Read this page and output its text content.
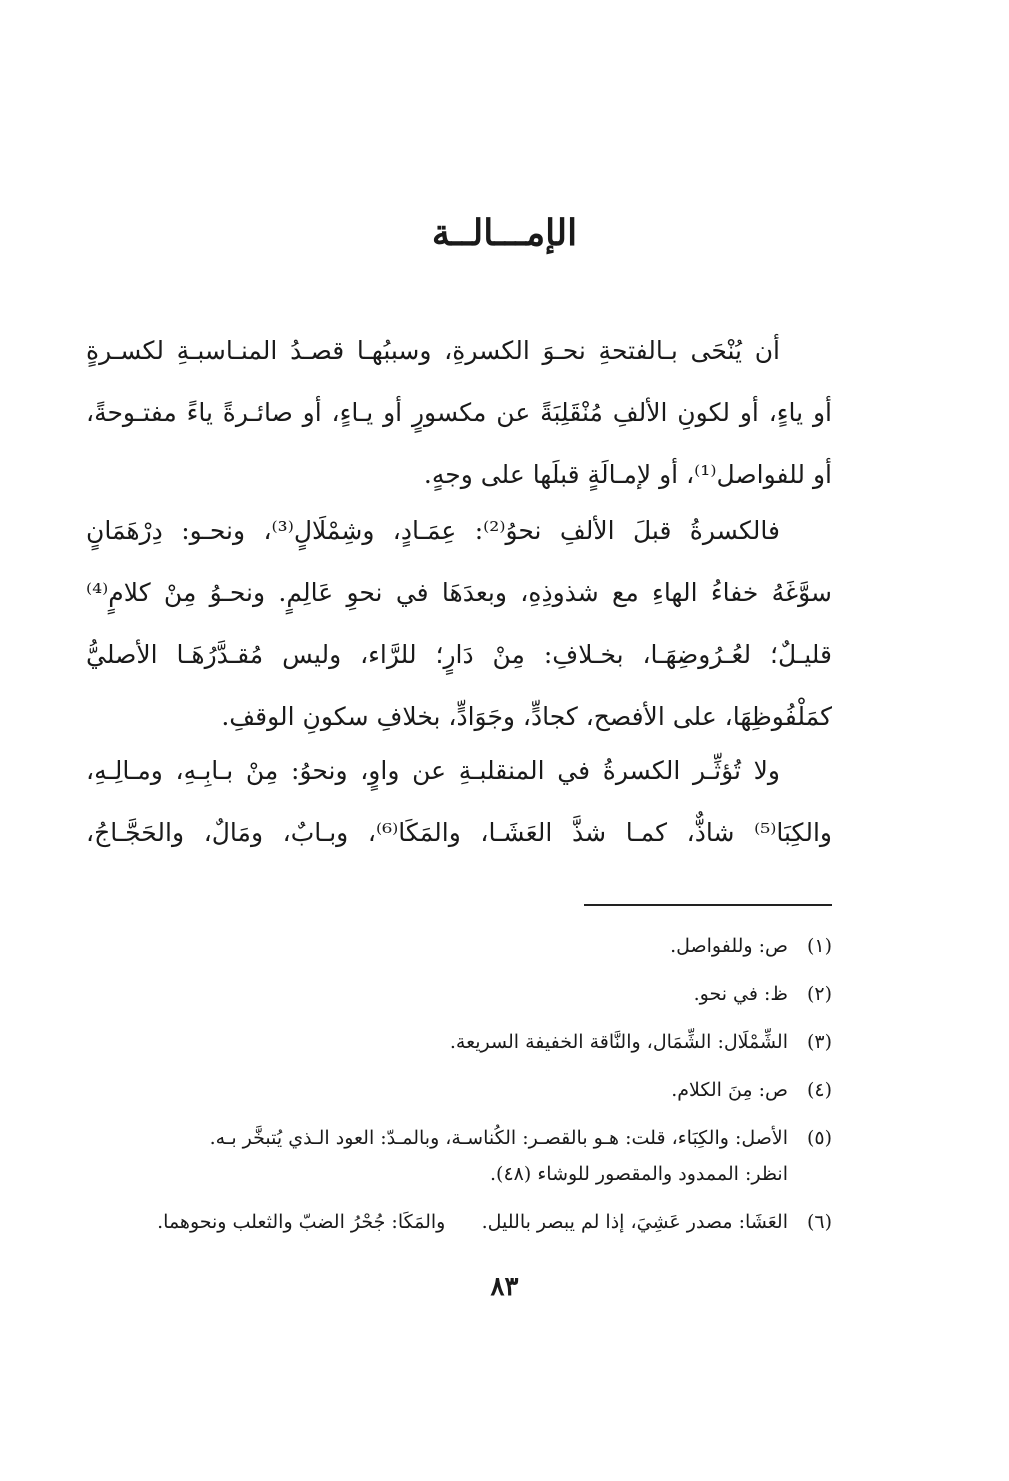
الإمـــالــة
أن يُنْحَى بـالفتحةِ نحـوَ الكسرةِ، وسببُهـا قصـدُ المنـاسبـةِ لكسـرةٍ
أو ياءٍ، أو لكونِ الألفِ مُنْقَلِبَةً عن مكسورٍ أو يـاءٍ، أو صائـرةً ياءً مفتـوحةً،
أو للفواصل⁽¹⁾، أو لإمـالَةٍ قبلَها على وجهٍ.
فالكسرةُ قبلَ الألفِ نحوُ⁽²⁾: عِمَـادٍ، وشِمْلَالٍ⁽³⁾، ونحـو: دِرْهَمَانٍ
سوَّغَهُ خفاءُ الهاءِ مع شذوذِهِ، وبعدَهَا في نحوِ عَالِمٍ. ونحـوُ مِنْ كلامٍ⁽⁴⁾
قليـلٌ؛ لعُـرُوضِهَـا، بخـلافِ: مِنْ دَارٍ؛ للرَّاء، وليس مُقـدَّرُهَـا الأصليُّ
كمَلْفُوظِهَا، على الأفصح، كجادٍّ، وجَوَادٍّ، بخلافِ سكونِ الوقفِ.
ولا تُؤثِّـر الكسرةُ في المنقلبـةِ عن واوٍ، ونحوُ: مِنْ بـابِـهِ، ومـالِـهِ،
والكِبَا⁽⁵⁾ شاذٌّ، كمـا شذَّ العَشَـا، والمَكَا⁽⁶⁾، وبـابٌ، ومَالٌ، والحَجَّـاجُ،
(١)
ص: وللفواصل.
(٢)
ظ: في نحو.
(٣)
الشِّمْلَال: الشِّمَال، والنَّاقة الخفيفة السريعة.
(٤)
ص: مِنَ الكلام.
(٥)
الأصل: والكِبَاء، قلت: هـو بالقصـر: الكُناسـة، وبالمـدّ: العود الـذي يُتبخَّر بـه.
انظر: الممدود والمقصور للوشاء (٤٨).
(٦)
العَشَا: مصدر عَشِيَ، إذا لم يبصر بالليل.      والمَكَا: جُحْرُ الضبّ والثعلب ونحوهما.
٨٣
